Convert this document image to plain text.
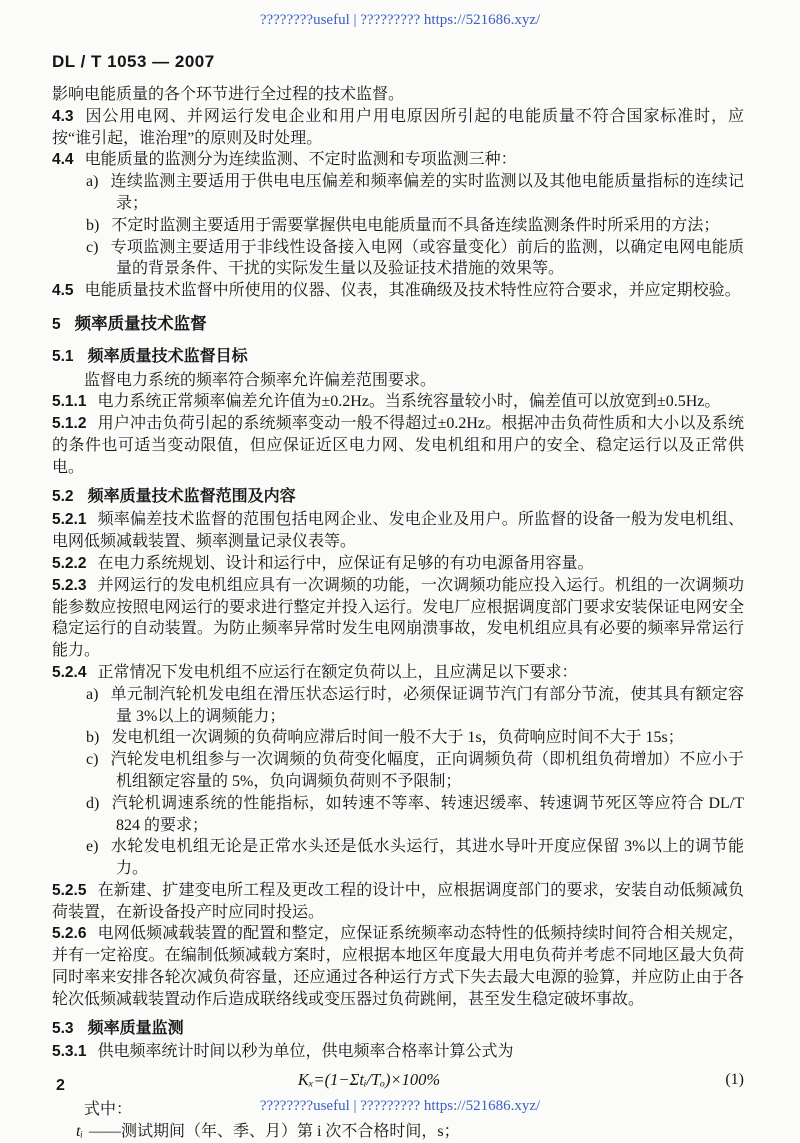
????????useful | ????????? https://521686.xyz/
DL / T 1053 — 2007
影响电能质量的各个环节进行全过程的技术监督。
4.3 因公用电网、并网运行发电企业和用户用电原因所引起的电能质量不符合国家标准时，应按“谁引起，谁治理”的原则及时处理。
4.4 电能质量的监测分为连续监测、不定时监测和专项监测三种：
a) 连续监测主要适用于供电电压偏差和频率偏差的实时监测以及其他电能质量指标的连续记录；
b) 不定时监测主要适用于需要掌握供电电能质量而不具备连续监测条件时所采用的方法；
c) 专项监测主要适用于非线性设备接入电网（或容量变化）前后的监测，以确定电网电能质量的背景条件、干扰的实际发生量以及验证技术措施的效果等。
4.5 电能质量技术监督中所使用的仪器、仪表，其准确级及技术特性应符合要求，并应定期校验。
5 频率质量技术监督
5.1 频率质量技术监督目标
监督电力系统的频率符合频率允许偏差范围要求。
5.1.1 电力系统正常频率偏差允许值为±0.2Hz。当系统容量较小时，偏差值可以放宽到±0.5Hz。
5.1.2 用户冲击负荷引起的系统频率变动一般不得超过±0.2Hz。根据冲击负荷性质和大小以及系统的条件也可适当变动限值，但应保证近区电力网、发电机组和用户的安全、稳定运行以及正常供电。
5.2 频率质量技术监督范围及内容
5.2.1 频率偏差技术监督的范围包括电网企业、发电企业及用户。所监督的设备一般为发电机组、电网低频减载装置、频率测量记录仪表等。
5.2.2 在电力系统规划、设计和运行中，应保证有足够的有功电源备用容量。
5.2.3 并网运行的发电机组应具有一次调频的功能，一次调频功能应投入运行。机组的一次调频功能参数应按照电网运行的要求进行整定并投入运行。发电厂应根据调度部门要求安装保证电网安全稳定运行的自动装置。为防止频率异常时发生电网崩溃事故，发电机组应具有必要的频率异常运行能力。
5.2.4 正常情况下发电机组不应运行在额定负荷以上，且应满足以下要求：
a) 单元制汽轮机发电组在滑压状态运行时，必须保证调节汽门有部分节流，使其具有额定容量 3%以上的调频能力；
b) 发电机组一次调频的负荷响应滞后时间一般不大于 1s，负荷响应时间不大于 15s；
c) 汽轮发电机组参与一次调频的负荷变化幅度，正向调频负荷（即机组负荷增加）不应小于机组额定容量的 5%，负向调频负荷则不予限制；
d) 汽轮机调速系统的性能指标，如转速不等率、转速迟缓率、转速调节死区等应符合 DL/T 824 的要求；
e) 水轮发电机组无论是正常水头还是低水头运行，其进水导叶开度应保留 3%以上的调节能力。
5.2.5 在新建、扩建变电所工程及更改工程的设计中，应根据调度部门的要求，安装自动低频减负荷装置，在新设备投产时应同时投运。
5.2.6 电网低频减载装置的配置和整定，应保证系统频率动态特性的低频持续时间符合相关规定，并有一定裕度。在编制低频减载方案时，应根据本地区年度最大用电负荷并考虑不同地区最大负荷同时率来安排各轮次减负荷容量，还应通过各种运行方式下失去最大电源的验算，并应防止由于各轮次低频减载装置动作后造成联络线或变压器过负荷跳闸，甚至发生稳定破坏事故。
5.3 频率质量监测
5.3.1 供电频率统计时间以秒为单位，供电频率合格率计算公式为
Kₓ=(1−Σtᵢ/Tₒ)×100%	(1)
式中：
tᵢ ——测试期间（年、季、月）第 i 次不合格时间，s；
2
????????useful | ????????? https://521686.xyz/
